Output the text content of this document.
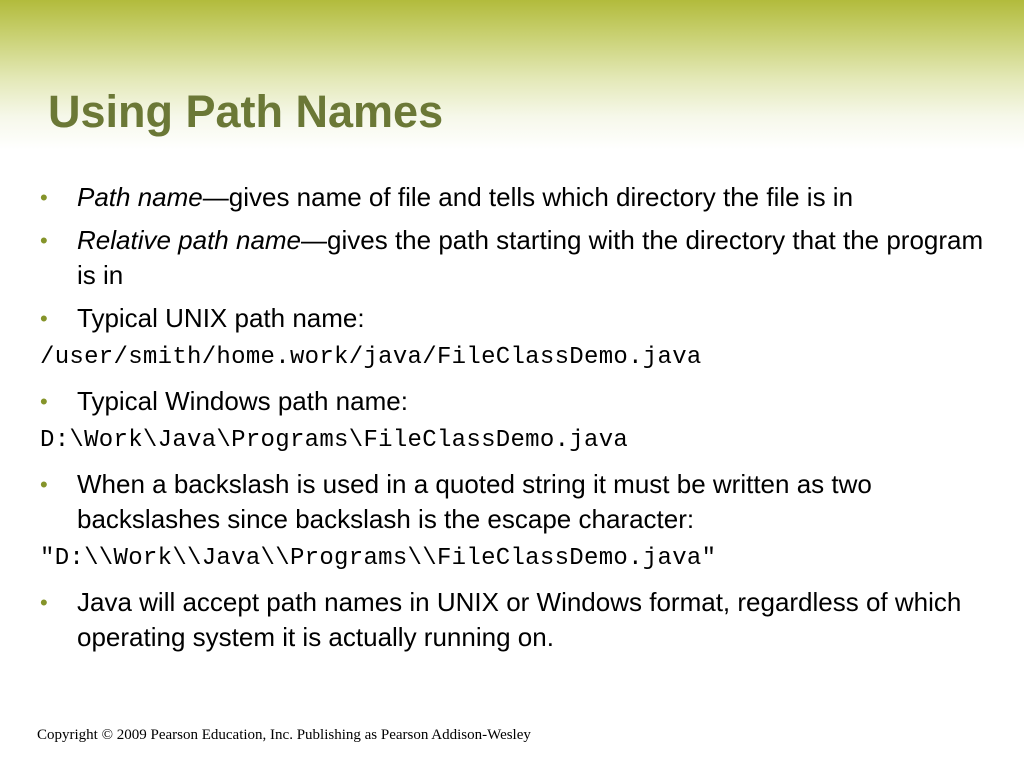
Using Path Names
• Path name—gives name of file and tells which directory the file is in
• Relative path name—gives the path starting with the directory that the program is in
• Typical UNIX path name:
/user/smith/home.work/java/FileClassDemo.java
• Typical Windows path name:
D:\Work\Java\Programs\FileClassDemo.java
• When a backslash is used in a quoted string it must be written as two backslashes since backslash is the escape character:
"D:\\Work\\Java\\Programs\\FileClassDemo.java"
• Java will accept path names in UNIX or Windows format, regardless of which operating system it is actually running on.
Copyright © 2009 Pearson Education, Inc. Publishing as Pearson Addison-Wesley
